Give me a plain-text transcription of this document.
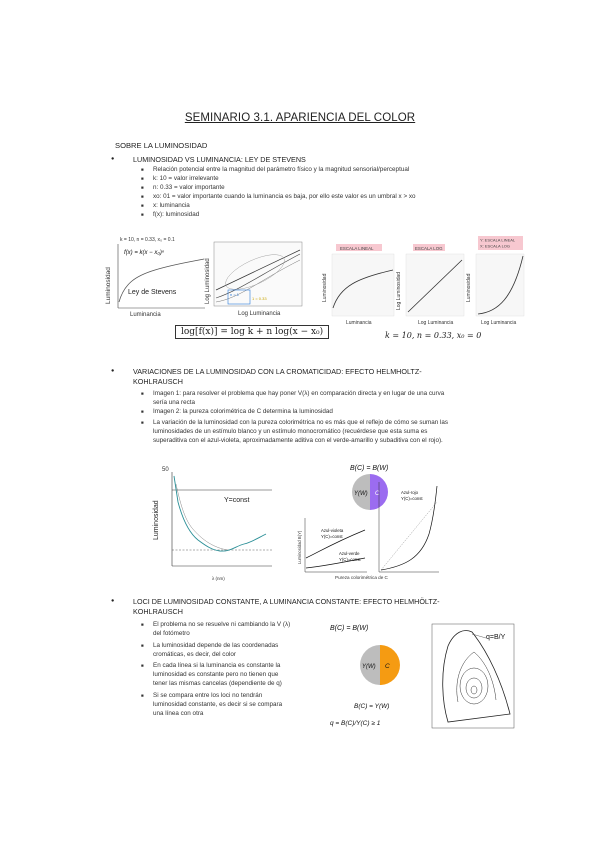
SEMINARIO 3.1. APARIENCIA DEL COLOR
SOBRE LA LUMINOSIDAD
● LUMINOSIDAD VS LUMINANCIA: LEY DE STEVENS
■ Relación potencial entre la magnitud del parámetro físico y la magnitud sensorial/perceptual
■ k: 10 = valor irrelevante
■ n: 0.33 = valor importante
■ xo: 01 = valor importante cuando la luminancia es baja, por ello este valor es un umbral x > xo
■ x: luminancia
■ f(x): luminosidad
k = 10, n = 0.33, x₀ = 0.1
f(x) = k(x − x₀)ⁿ
Luminosidad
Luminancia
Ley de Stevens	n = 1
1 = 0.33
Log Luminosidad
Log Luminancia
log[f(x)] = log k + n log(x − x₀)
ESCALA LINEAL	ESCALA LOG
Y: ESCALA LINEAL
X: ESCALA LOG
Luminosidad	Log Luminosidad	Luminosidad
Luminancia	Log Luminancia	Log Luminancia
k = 10, n = 0.33, x₀ = 0
● VARIACIONES DE LA LUMINOSIDAD CON LA CROMATICIDAD: EFECTO HELMHOLTZ-
KOHLRAUSCH
■ Imagen 1: para resolver el problema que hay poner V(λ) en comparación directa y en lugar de una curva
sería una recta
■ Imagen 2: la pureza colorimétrica de C determina la luminosidad
■ La variación de la luminosidad con la pureza colorimétrica no es más que el reflejo de cómo se suman las
luminosidades de un estímulo blanco y un estímulo monocromático (recuérdese que esta suma es
superaditiva con el azul-violeta, aproximadamente aditiva con el verde-amarillo y subaditiva con el rojo).
50
Y=const
Luminosidad
λ (nm)
B(C) = B(W)
Y(W) C
Luminosidad B(Y)
Azul-violeta
Y(C)=const
Azul-verde
Y(C)=const
Pureza colorimétrica de C
Azul-rojo
Y(C)=const
● LOCI DE LUMINOSIDAD CONSTANTE, A LUMINANCIA CONSTANTE: EFECTO HELMHÖLTZ-
KOHLRAUSCH
■ El problema no se resuelve ni cambiando la V (λ)
del fotómetro
■ La luminosidad depende de las coordenadas
cromáticas, es decir, del color
■ En cada línea si la luminancia es constante la
luminosidad es constante pero no tienen que
tener las mismas cancelas (dependiente de q)
■ Si se compara entre los loci no tendrán
luminosidad constante, es decir si se compara
una línea con otra
B(C) = B(W)
Y(W) C
B(C) = Y(W)
q = B(C)/Y(C) ≥ 1
q=B/Y
